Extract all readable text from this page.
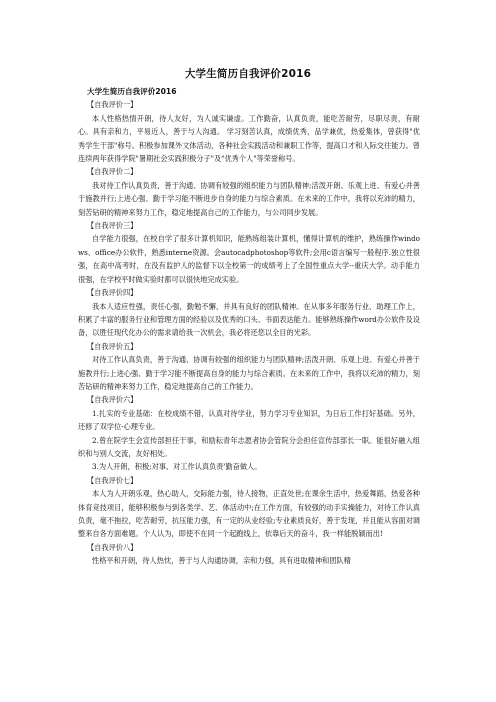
大学生简历自我评价2016
大学生简历自我评价2016
【自我评价一】
本人性格热情开朗，待人友好，为人诚实谦虚。工作勤奋，认真负责，能吃苦耐劳，尽职尽责，有耐心。具有亲和力，平易近人，善于与人沟通。 学习刻苦认真，成绩优秀，品学兼优，热爱集体，曾获得"优秀学生干部"称号。积极参加课外文体活动，各种社会实践活动和兼职工作等，提高口才和人际交往能力。曾连续两年获得学院"暑期社会实践积极分子"及"优秀个人"等荣誉称号。
【自我评价二】
我对待工作认真负责，善于沟通、协调有较强的组织能力与团队精神;活泼开朗、乐观上进、有爱心并善于施教并行;上进心强、勤于学习能不断进步自身的能力与综合素质。在未来的工作中，我将以充沛的精力，刻苦钻研的精神来努力工作，稳定地提高自己的工作能力，与公司同步发展。
【自我评价三】
自学能力很强，在校自学了很多计算机知识，能熟练组装计算机，懂得计算机的维护，熟练操作windows、office办公软件，熟悉interne资源。会autocadphotoshop等软件;会用c语言编写一般程序.独立性很强，在高中高考时，在没有监护人的监督下以全校第一的成绩考上了全国性重点大学--重庆大学。动手能力很强，在学校平时做实验时都可以很快地完成实验。
【自我评价四】
我本人适应性强，责任心强，勤勉不懈，并具有良好的团队精神。在从事多年服务行业、助理工作上，积累了丰富的服务行业和管理方面的经验以及优秀的口头、书面表达能力。能够熟练操作word办公软件及设备，以胜任现代化办公的需求请给我一次机会，我必将还您以全目的光彩。
【自我评价五】
对待工作认真负责，善于沟通、协调有较强的组织能力与团队精神;活泼开朗、乐观上进、有爱心并善于施教并行;上进心强、勤于学习能不断提高自身的能力与综合素质。在未来的工作中，我将以充沛的精力，刻苦钻研的精神来努力工作，稳定地提高自己的工作能力。
【自我评价六】
1.扎实的专业基础：在校成绩不错，认真对待学业，努力学习专业知识，为日后工作打好基础。另外，还修了双学位-心理专业。
2.曾在院学生会宣传部担任干事，和励耘青年志愿者协会管院分会担任宣传部部长一职。能很好融入组织和与别人交流，友好相处。
3.为人开朗，积极;对事、对工作认真负责'勤奋做人。
【自我评价七】
本人为人开朗乐观，热心助人，交际能力强，待人接物，正直处世;在课余生活中，热爱舞蹈，热爱各种体育竞技项目，能够积极参与到各类学、艺、体活动中;在工作方面，有较强的动手实操能力，对待工作认真负责，毫不拖拉，吃苦耐劳，抗压能力强，有一定的从业经验;专业素质良好，善于发现，并且能从容面对调整来自各方面难题。个人认为，即使不在同一个起跑线上，依靠后天的奋斗，我一样能脱颖而出!
【自我评价八】
性格平和开朗，待人热忱，善于与人沟通协调，亲和力强，具有进取精神和团队精
